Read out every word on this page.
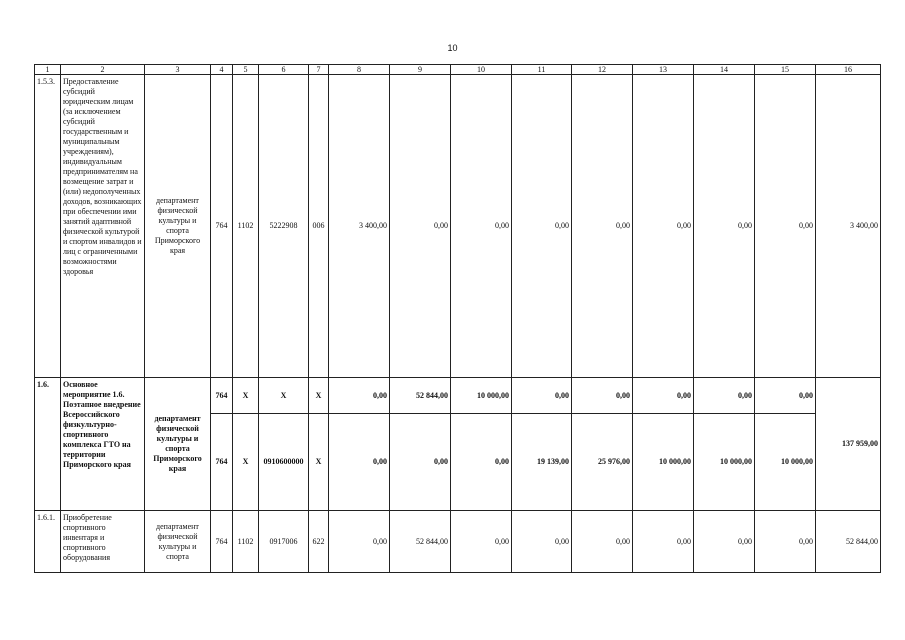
10
1	2	3	4	5	6	7	8	9	10	11	12	13	14	15	16
1.5.3.	Предоставление субсидий юридическим лицам (за исключением субсидий государственным и муниципальным учреждениям), индивидуальным предпринимателям на возмещение затрат и (или) недополученных доходов, возникающих при обеспечении ими занятий адаптивной физической культурой и спортом инвалидов и лиц с ограниченными возможностями здоровья	департамент физической культуры и спорта Приморского края	764	1102	5222908	006	3 400,00	0,00	0,00	0,00	0,00	0,00	0,00	0,00	3 400,00
1.6.	Основное мероприятие 1.6. Поэтапное внедрение Всероссийского физкультурно-спортивного комплекса ГТО на территории Приморского края	департамент физической культуры и спорта Приморского края	764	X	X	X	0,00	52 844,00	10 000,00	0,00	0,00	0,00	0,00	0,00	137 959,00
			764	X	0910600000	X	0,00	0,00	0,00	19 139,00	25 976,00	10 000,00	10 000,00	10 000,00	
1.6.1.	Приобретение спортивного инвентаря и спортивного оборудования	департамент физической культуры и спорта	764	1102	0917006	622	0,00	52 844,00	0,00	0,00	0,00	0,00	0,00	0,00	52 844,00
